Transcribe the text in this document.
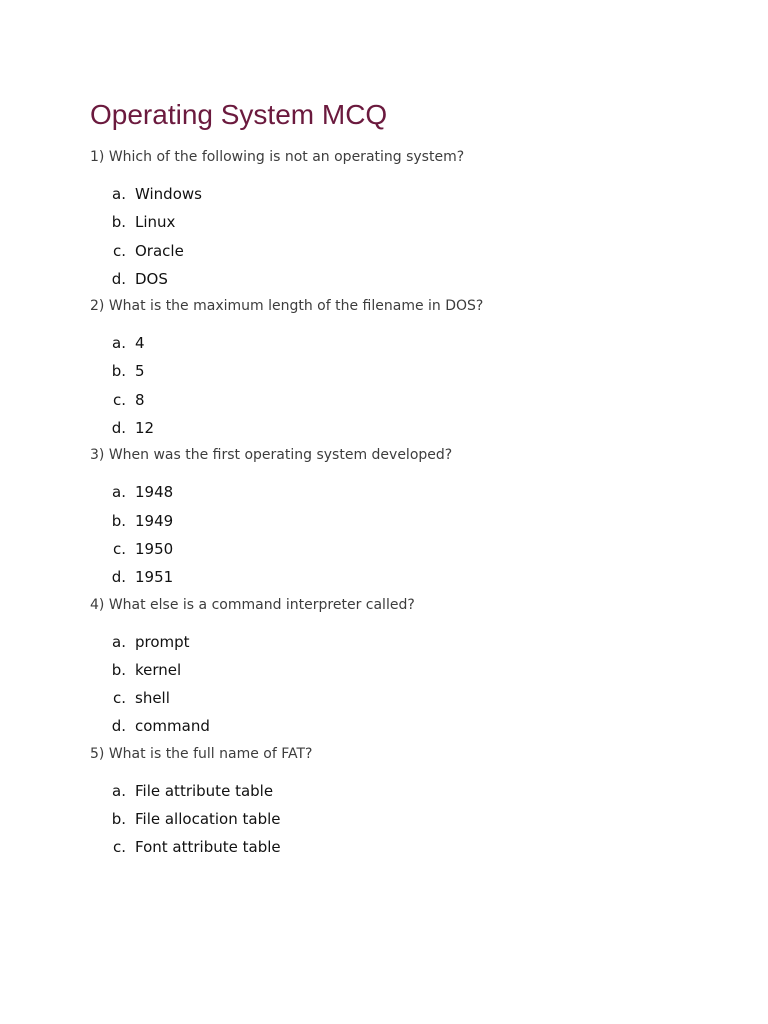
Operating System MCQ

1) Which of the following is not an operating system?

a. Windows
b. Linux
c. Oracle
d. DOS

2) What is the maximum length of the filename in DOS?

a. 4
b. 5
c. 8
d. 12

3) When was the first operating system developed?

a. 1948
b. 1949
c. 1950
d. 1951

4) What else is a command interpreter called?

a. prompt
b. kernel
c. shell
d. command

5) What is the full name of FAT?

a. File attribute table
b. File allocation table
c. Font attribute table
